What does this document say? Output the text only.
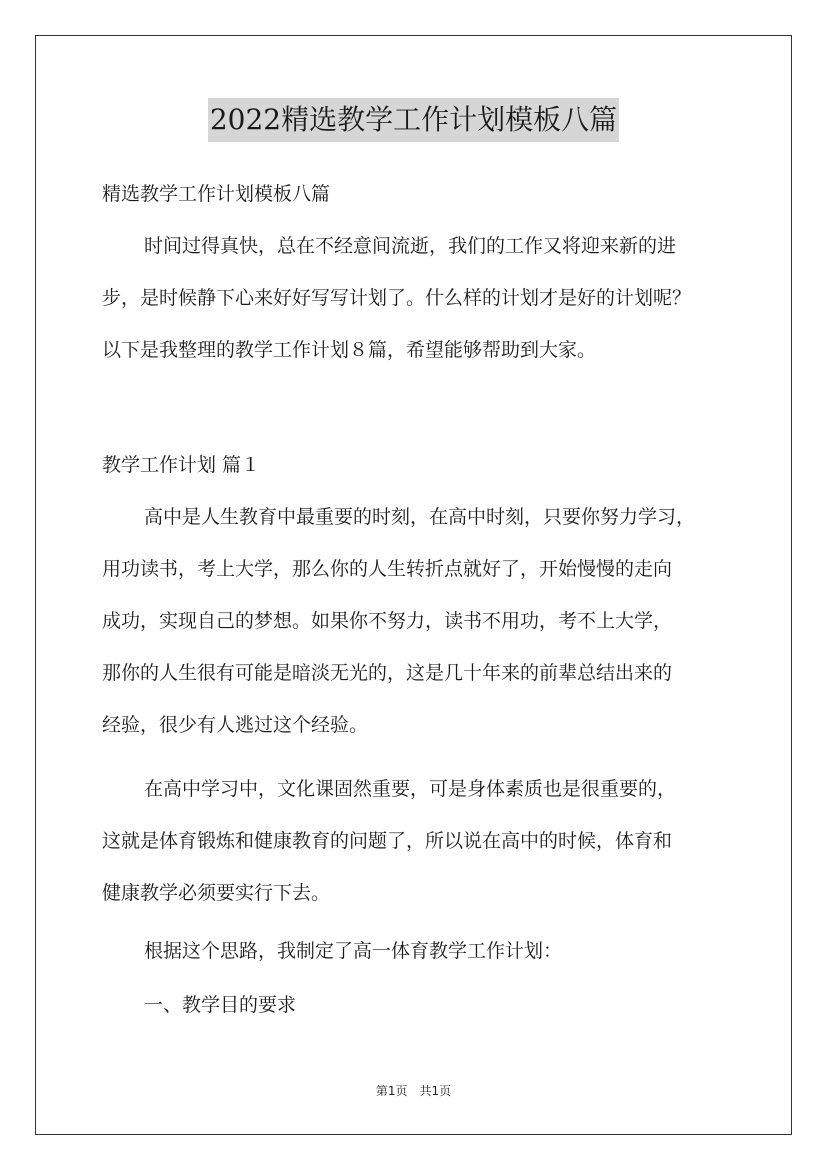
2022精选教学工作计划模板八篇

精选教学工作计划模板八篇

时间过得真快，总在不经意间流逝，我们的工作又将迎来新的进
步，是时候静下心来好好写写计划了。什么样的计划才是好的计划呢？
以下是我整理的教学工作计划８篇，希望能够帮助到大家。

教学工作计划 篇１

高中是人生教育中最重要的时刻，在高中时刻，只要你努力学习，
用功读书，考上大学，那么你的人生转折点就好了，开始慢慢的走向
成功，实现自己的梦想。如果你不努力，读书不用功，考不上大学，
那你的人生很有可能是暗淡无光的，这是几十年来的前辈总结出来的
经验，很少有人逃过这个经验。
在高中学习中，文化课固然重要，可是身体素质也是很重要的，
这就是体育锻炼和健康教育的问题了，所以说在高中的时候，体育和
健康教学必须要实行下去。

根据这个思路，我制定了高一体育教学工作计划：

一、教学目的要求

第1页　共1页
